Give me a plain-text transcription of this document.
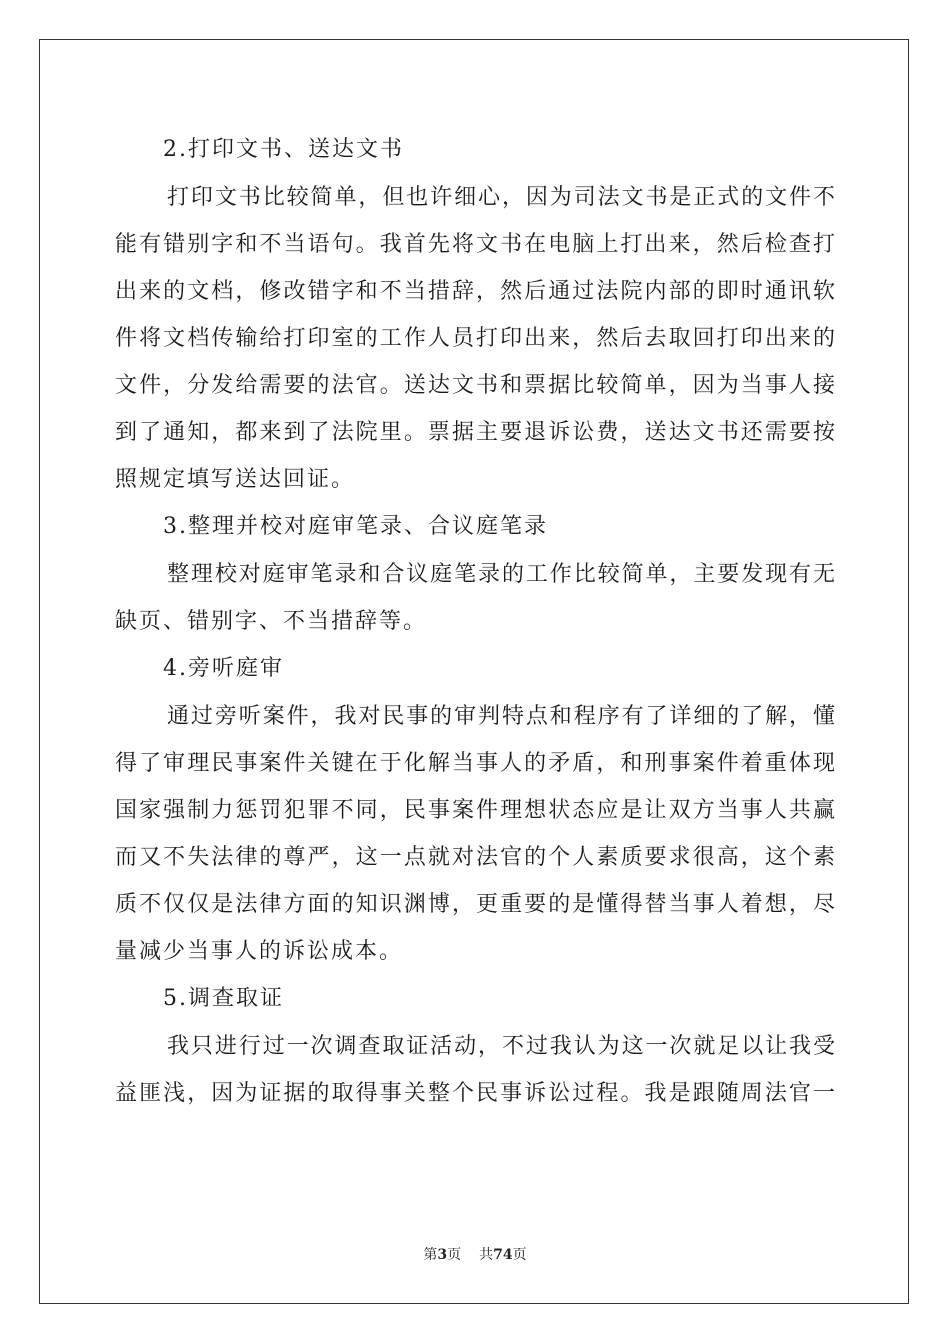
2.打印文书、送达文书

打印文书比较简单，但也许细心，因为司法文书是正式的文件不
能有错别字和不当语句。我首先将文书在电脑上打出来，然后检查打
出来的文档，修改错字和不当措辞，然后通过法院内部的即时通讯软
件将文档传输给打印室的工作人员打印出来，然后去取回打印出来的
文件，分发给需要的法官。送达文书和票据比较简单，因为当事人接
到了通知，都来到了法院里。票据主要退诉讼费，送达文书还需要按
照规定填写送达回证。

3.整理并校对庭审笔录、合议庭笔录

整理校对庭审笔录和合议庭笔录的工作比较简单，主要发现有无
缺页、错别字、不当措辞等。

4.旁听庭审

通过旁听案件，我对民事的审判特点和程序有了详细的了解，懂
得了审理民事案件关键在于化解当事人的矛盾，和刑事案件着重体现
国家强制力惩罚犯罪不同，民事案件理想状态应是让双方当事人共赢
而又不失法律的尊严，这一点就对法官的个人素质要求很高，这个素
质不仅仅是法律方面的知识渊博，更重要的是懂得替当事人着想，尽
量减少当事人的诉讼成本。

5.调查取证

我只进行过一次调查取证活动，不过我认为这一次就足以让我受
益匪浅，因为证据的取得事关整个民事诉讼过程。我是跟随周法官一

第3页 共74页
